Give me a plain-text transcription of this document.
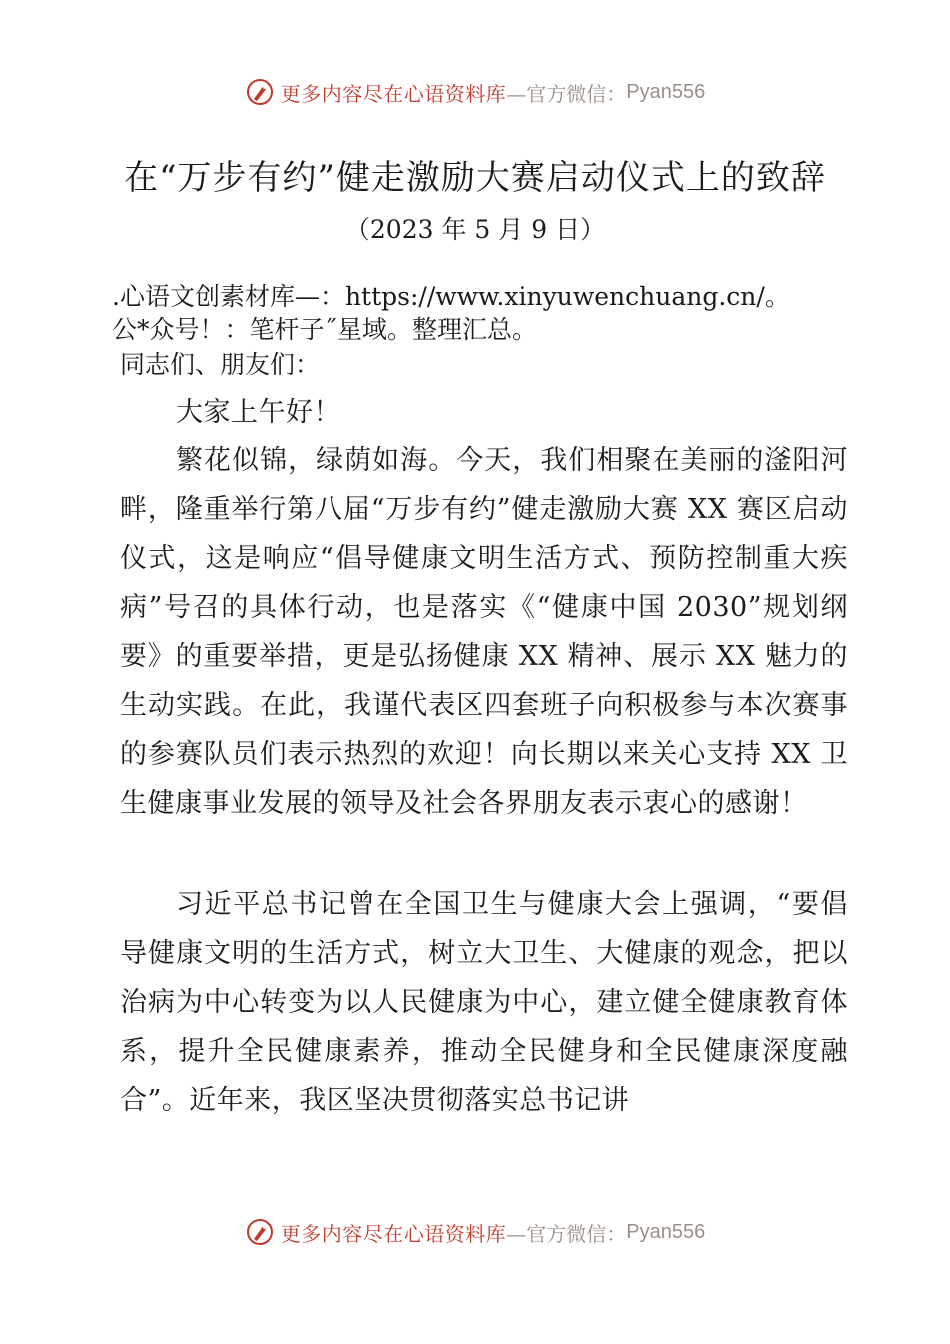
更多内容尽在心语资料库 —官方微信： Pyan556
在“万步有约”健走激励大赛启动仪式上的致辞
（2023 年 5 月 9 日）
.心语文创素材库—：https://www.xinyuwenchuang.cn/。
公*众号！：笔杆子˝星域。整理汇总。
同志们、朋友们：

大家上午好！

繁花似锦，绿荫如海。今天，我们相聚在美丽的滏阳河畔，隆重举行第八届“万步有约”健走激励大赛 XX 赛区启动仪式，这是响应“倡导健康文明生活方式、预防控制重大疾病”号召的具体行动，也是落实《“健康中国 2030”规划纲要》的重要举措，更是弘扬健康 XX 精神、展示 XX 魅力的生动实践。在此，我谨代表区四套班子向积极参与本次赛事的参赛队员们表示热烈的欢迎！向长期以来关心支持 XX 卫生健康事业发展的领导及社会各界朋友表示衷心的感谢！

习近平总书记曾在全国卫生与健康大会上强调，“要倡导健康文明的生活方式，树立大卫生、大健康的观念，把以治病为中心转变为以人民健康为中心，建立健全健康教育体系，提升全民健康素养，推动全民健身和全民健康深度融合”。近年来，我区坚决贯彻落实总书记讲

更多内容尽在心语资料库 —官方微信： Pyan556
